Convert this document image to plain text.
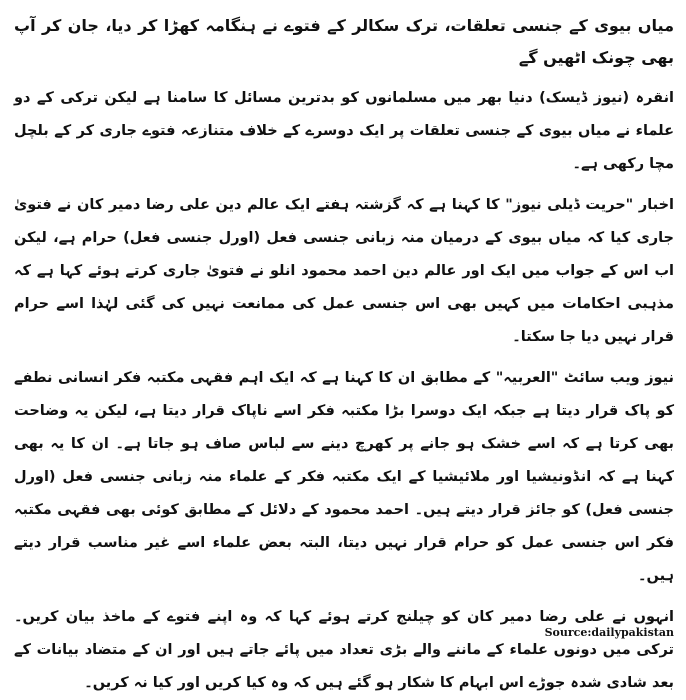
میاں بیوی کے جنسی تعلقات، ترک سکالر کے فتوے نے ہنگامہ کھڑا کر دیا، جان کر آپ بھی چونک اٹھیں گے

انقرہ (نیوز ڈیسک) دنیا بھر میں مسلمانوں کو بدترین مسائل کا سامنا ہے لیکن ترکی کے دو علماء نے میاں بیوی کے جنسی تعلقات پر ایک دوسرے کے خلاف متنازعہ فتوے جاری کر کے بلچل مچا رکھی ہے۔

اخبار "حریت ڈیلی نیوز" کا کہنا ہے کہ گزشتہ ہفتے ایک عالم دین علی رضا دمیر کان نے فتویٰ جاری کیا کہ میاں بیوی کے درمیان منہ زبانی جنسی فعل (اورل جنسی فعل) حرام ہے، لیکن اب اس کے جواب میں ایک اور عالم دین احمد محمود انلو نے فتویٰ جاری کرتے ہوئے کہا ہے کہ مذہبی احکامات میں کہیں بھی اس جنسی عمل کی ممانعت نہیں کی گئی لہٰذا اسے حرام قرار نہیں دیا جا سکتا۔

نیوز ویب سائٹ "العربیہ" کے مطابق ان کا کہنا ہے کہ ایک اہم فقہی مکتبہ فکر انسانی نطفے کو پاک قرار دیتا ہے جبکہ ایک دوسرا بڑا مکتبہ فکر اسے ناپاک قرار دیتا ہے، لیکن یہ وضاحت بھی کرتا ہے کہ اسے خشک ہو جانے پر کھرچ دینے سے لباس صاف ہو جاتا ہے۔ ان کا یہ بھی کہنا ہے کہ انڈونیشیا اور ملائیشیا کے ایک مکتبہ فکر کے علماء منہ زبانی جنسی فعل (اورل جنسی فعل) کو جائز قرار دیتے ہیں۔ احمد محمود کے دلائل کے مطابق کوئی بھی فقہی مکتبہ فکر اس جنسی عمل کو حرام قرار نہیں دیتا، البتہ بعض علماء اسے غیر مناسب قرار دیتے ہیں۔

انہوں نے علی رضا دمیر کان کو چیلنج کرتے ہوئے کہا کہ وہ اپنے فتوے کے ماخذ بیان کریں۔ ترکی میں دونوں علماء کے ماننے والے بڑی تعداد میں پائے جاتے ہیں اور ان کے متضاد بیانات کے بعد شادی شدہ جوڑے اس ابہام کا شکار ہو گئے ہیں کہ وہ کیا کریں اور کیا نہ کریں۔

Source:dailypakistan
